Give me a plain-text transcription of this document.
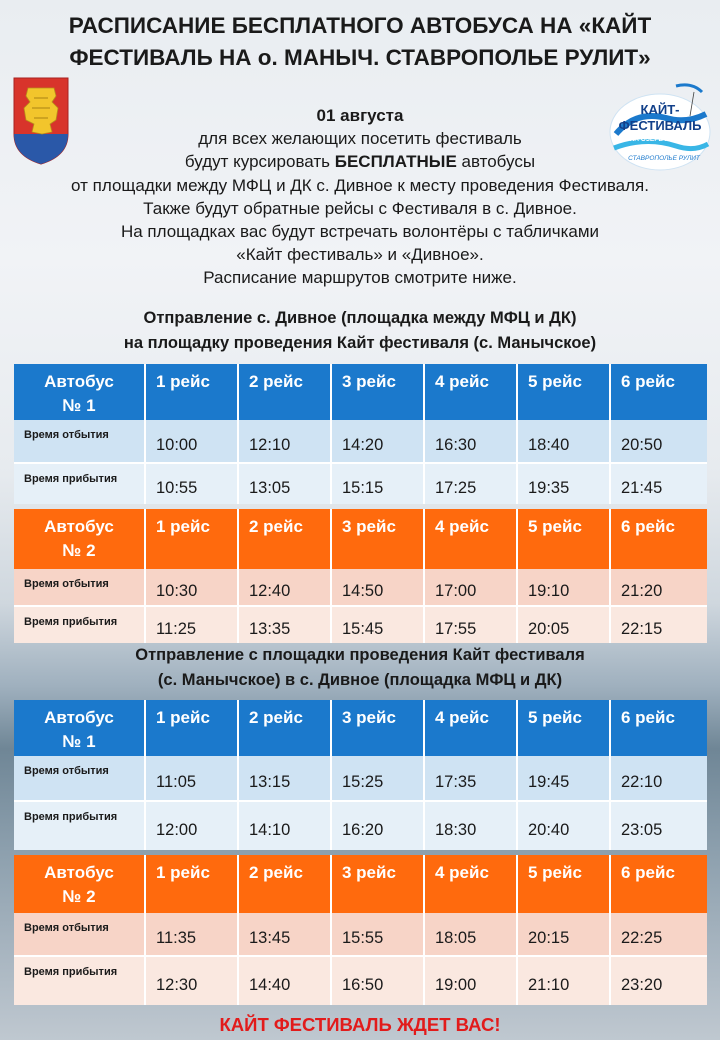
РАСПИСАНИЕ БЕСПЛАТНОГО АВТОБУСА НА «КАЙТ
ФЕСТИВАЛЬ НА о. МАНЫЧ. СТАВРОПОЛЬЕ РУЛИТ»
КАЙТ-
ФЕСТИВАЛЬ
НА ОЗЕРЕ МАНЫЧ
СТАВРОПОЛЬЕ РУЛИТ
01 августа
для всех желающих посетить фестиваль
будут курсировать БЕСПЛАТНЫЕ автобусы
от площадки между МФЦ и ДК с. Дивное к месту проведения Фестиваля.
Также будут обратные рейсы с Фестиваля в с. Дивное.
На площадках вас будут встречать волонтёры с табличками
«Кайт фестиваль» и «Дивное».
Расписание маршрутов смотрите ниже.
Отправление с. Дивное (площадка между МФЦ и ДК)
на площадку проведения Кайт фестиваля (с. Манычское)
Автобус
№ 1	1 рейс	2 рейс	3 рейс	4 рейс	5 рейс	6 рейс
Время отбытия	10:00	12:10	14:20	16:30	18:40	20:50
Время прибытия	10:55	13:05	15:15	17:25	19:35	21:45
Автобус
№ 2	1 рейс	2 рейс	3 рейс	4 рейс	5 рейс	6 рейс
Время отбытия	10:30	12:40	14:50	17:00	19:10	21:20
Время прибытия	11:25	13:35	15:45	17:55	20:05	22:15
Отправление с площадки проведения Кайт фестиваля
(с. Манычское) в с. Дивное (площадка МФЦ и ДК)
Автобус
№ 1	1 рейс	2 рейс	3 рейс	4 рейс	5 рейс	6 рейс
Время отбытия	11:05	13:15	15:25	17:35	19:45	22:10
Время прибытия	12:00	14:10	16:20	18:30	20:40	23:05
Автобус
№ 2	1 рейс	2 рейс	3 рейс	4 рейс	5 рейс	6 рейс
Время отбытия	11:35	13:45	15:55	18:05	20:15	22:25
Время прибытия	12:30	14:40	16:50	19:00	21:10	23:20
КАЙТ ФЕСТИВАЛЬ ЖДЕТ ВАС!
